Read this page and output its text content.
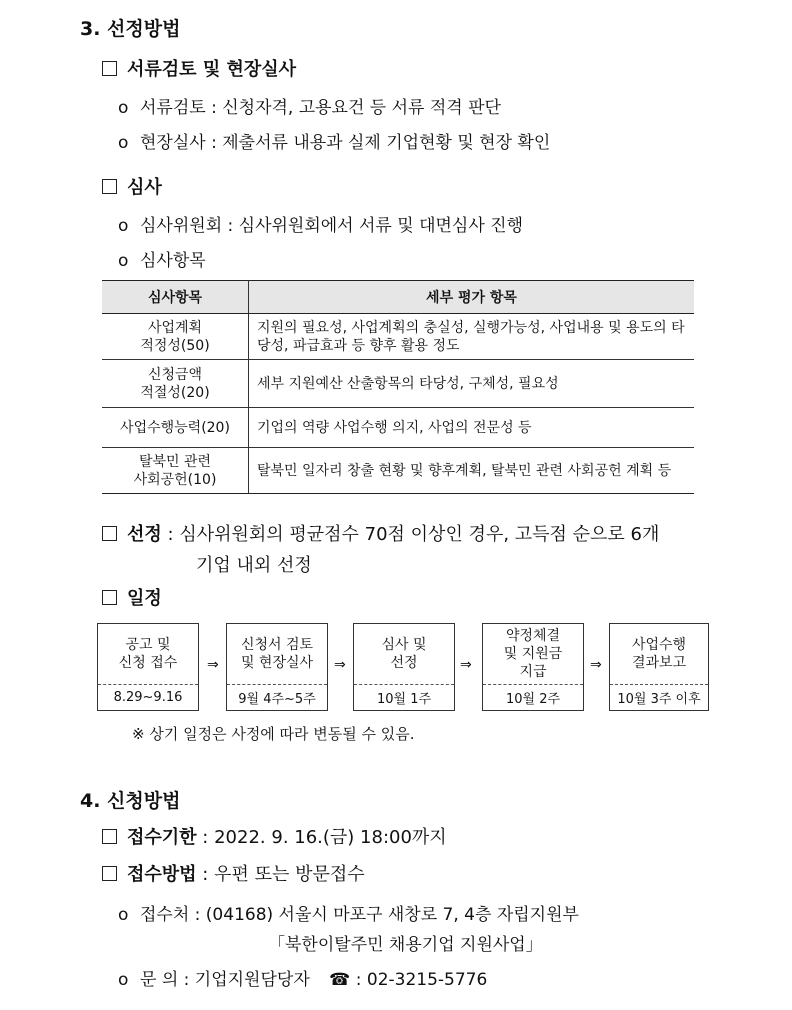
3. 선정방법
서류검토 및 현장실사
o 서류검토 : 신청자격, 고용요건 등 서류 적격 판단
o 현장실사 : 제출서류 내용과 실제 기업현황 및 현장 확인
심사
o 심사위원회 : 심사위원회에서 서류 및 대면심사 진행
o 심사항목
심사항목	세부 평가 항목
사업계획
적정성(50)	지원의 필요성, 사업계획의 충실성, 실행가능성, 사업내용 및 용도의 타당성, 파급효과 등 향후 활용 정도
신청금액
적절성(20)	세부 지원예산 산출항목의 타당성, 구체성, 필요성
사업수행능력(20)	기업의 역량 사업수행 의지, 사업의 전문성 등
탈북민 관련
사회공헌(10)	탈북민 일자리 창출 현황 및 향후계획, 탈북민 관련 사회공헌 계획 등
선정 : 심사위원회의 평균점수 70점 이상인 경우, 고득점 순으로 6개
기업 내외 선정
일정
공고 및
신청 접수
8.29~9.16
⇒
신청서 검토
및 현장실사
9월 4주~5주
⇒
심사 및
선정
10월 1주
⇒
약정체결
및 지원금
지급
10월 2주
⇒
사업수행
결과보고
10월 3주 이후
※ 상기 일정은 사정에 따라 변동될 수 있음.
4. 신청방법
접수기한 : 2022. 9. 16.(금) 18:00까지
접수방법 : 우편 또는 방문접수
o 접수처 : (04168) 서울시 마포구 새창로 7, 4층 자립지원부
「북한이탈주민 채용기업 지원사업」
o 문 의 : 기업지원담당자 ☎ : 02-3215-5776
